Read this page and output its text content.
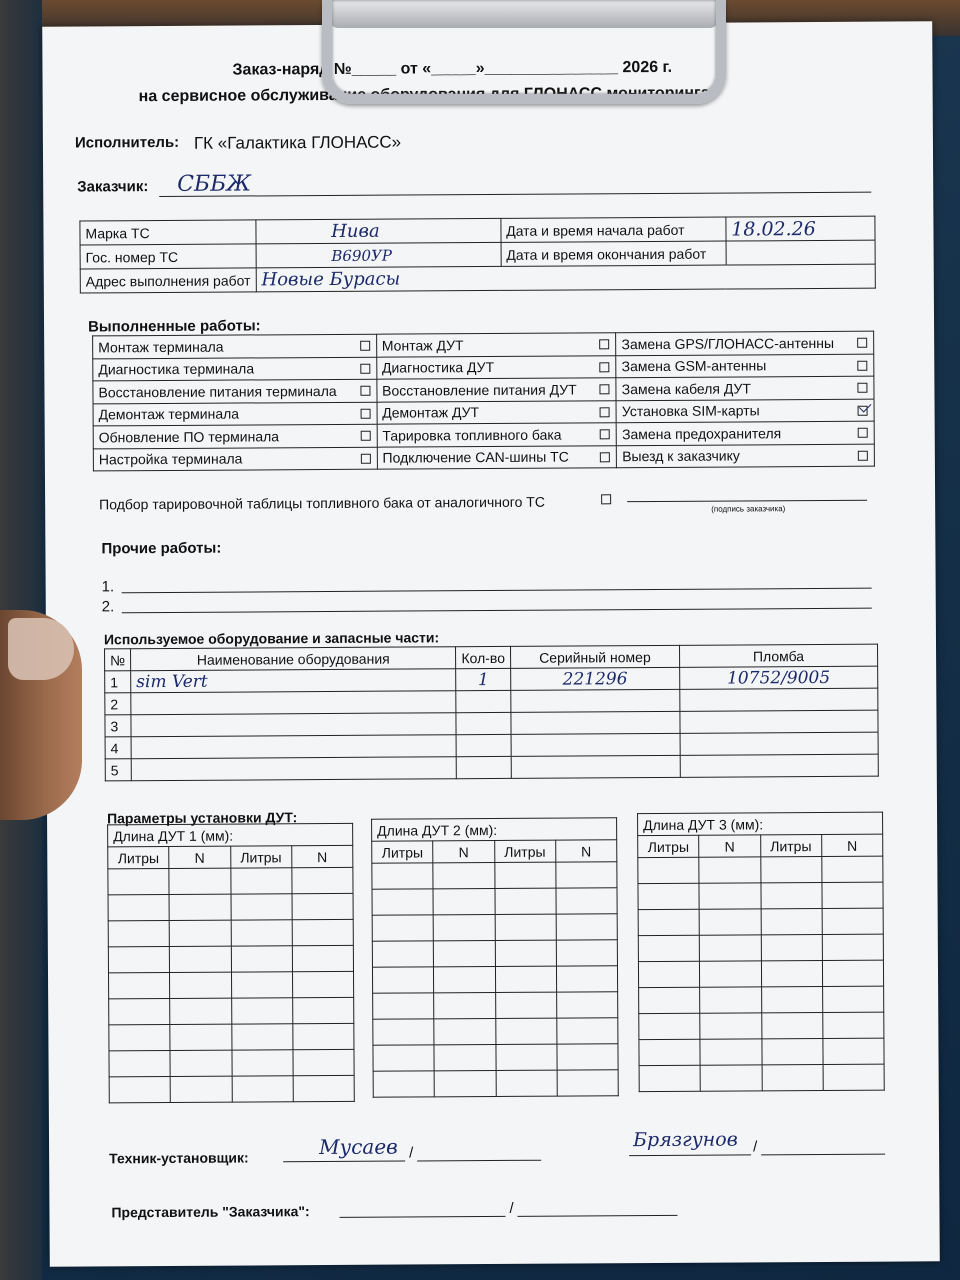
Заказ-наряд №_____ от «_____»_______________ 2026 г.
на сервисное обслуживание оборудования для ГЛОНАСС мониторинга
Исполнитель: ГК «Галактика ГЛОНАСС»
Заказчик: СББЖ
Марка ТС	Нива	Дата и время начала работ	18.02.26
Гос. номер ТС	В690УР	Дата и время окончания работ	
Адрес выполнения работ	Новые Бурасы		
Выполненные работы:
Монтаж терминала	Монтаж ДУТ	Замена GPS/ГЛОНАСС-антенны

Диагностика терминала	Диагностика ДУТ	Замена GSM-антенны

Восстановление питания терминала	Восстановление питания ДУТ	Замена кабеля ДУТ

Демонтаж терминала	Демонтаж ДУТ	Установка SIM-карты

Обновление ПО терминала	Тарировка топливного бака	Замена предохранителя

Настройка терминала	Подключение CAN-шины ТС	Выезд к заказчику
Подбор тарировочной таблицы топливного бака от аналогичного ТС	(подпись заказчика)
Прочие работы:
1.
2.
Используемое оборудование и запасные части:
№	Наименование оборудования	Кол-во	Серийный номер	Пломба
1	sim Vert	1	221296	10752/9005
2				
3				
4				
5				
Параметры установки ДУТ:
Длина ДУТ 1 (мм):			
Литры	N	Литры	N

Длина ДУТ 2 (мм):			
Литры	N	Литры	N

Длина ДУТ 3 (мм):			
Литры	N	Литры	N

Техник-установщик:	Мусаев /
Брязгунов /
Представитель "Заказчика":	/
